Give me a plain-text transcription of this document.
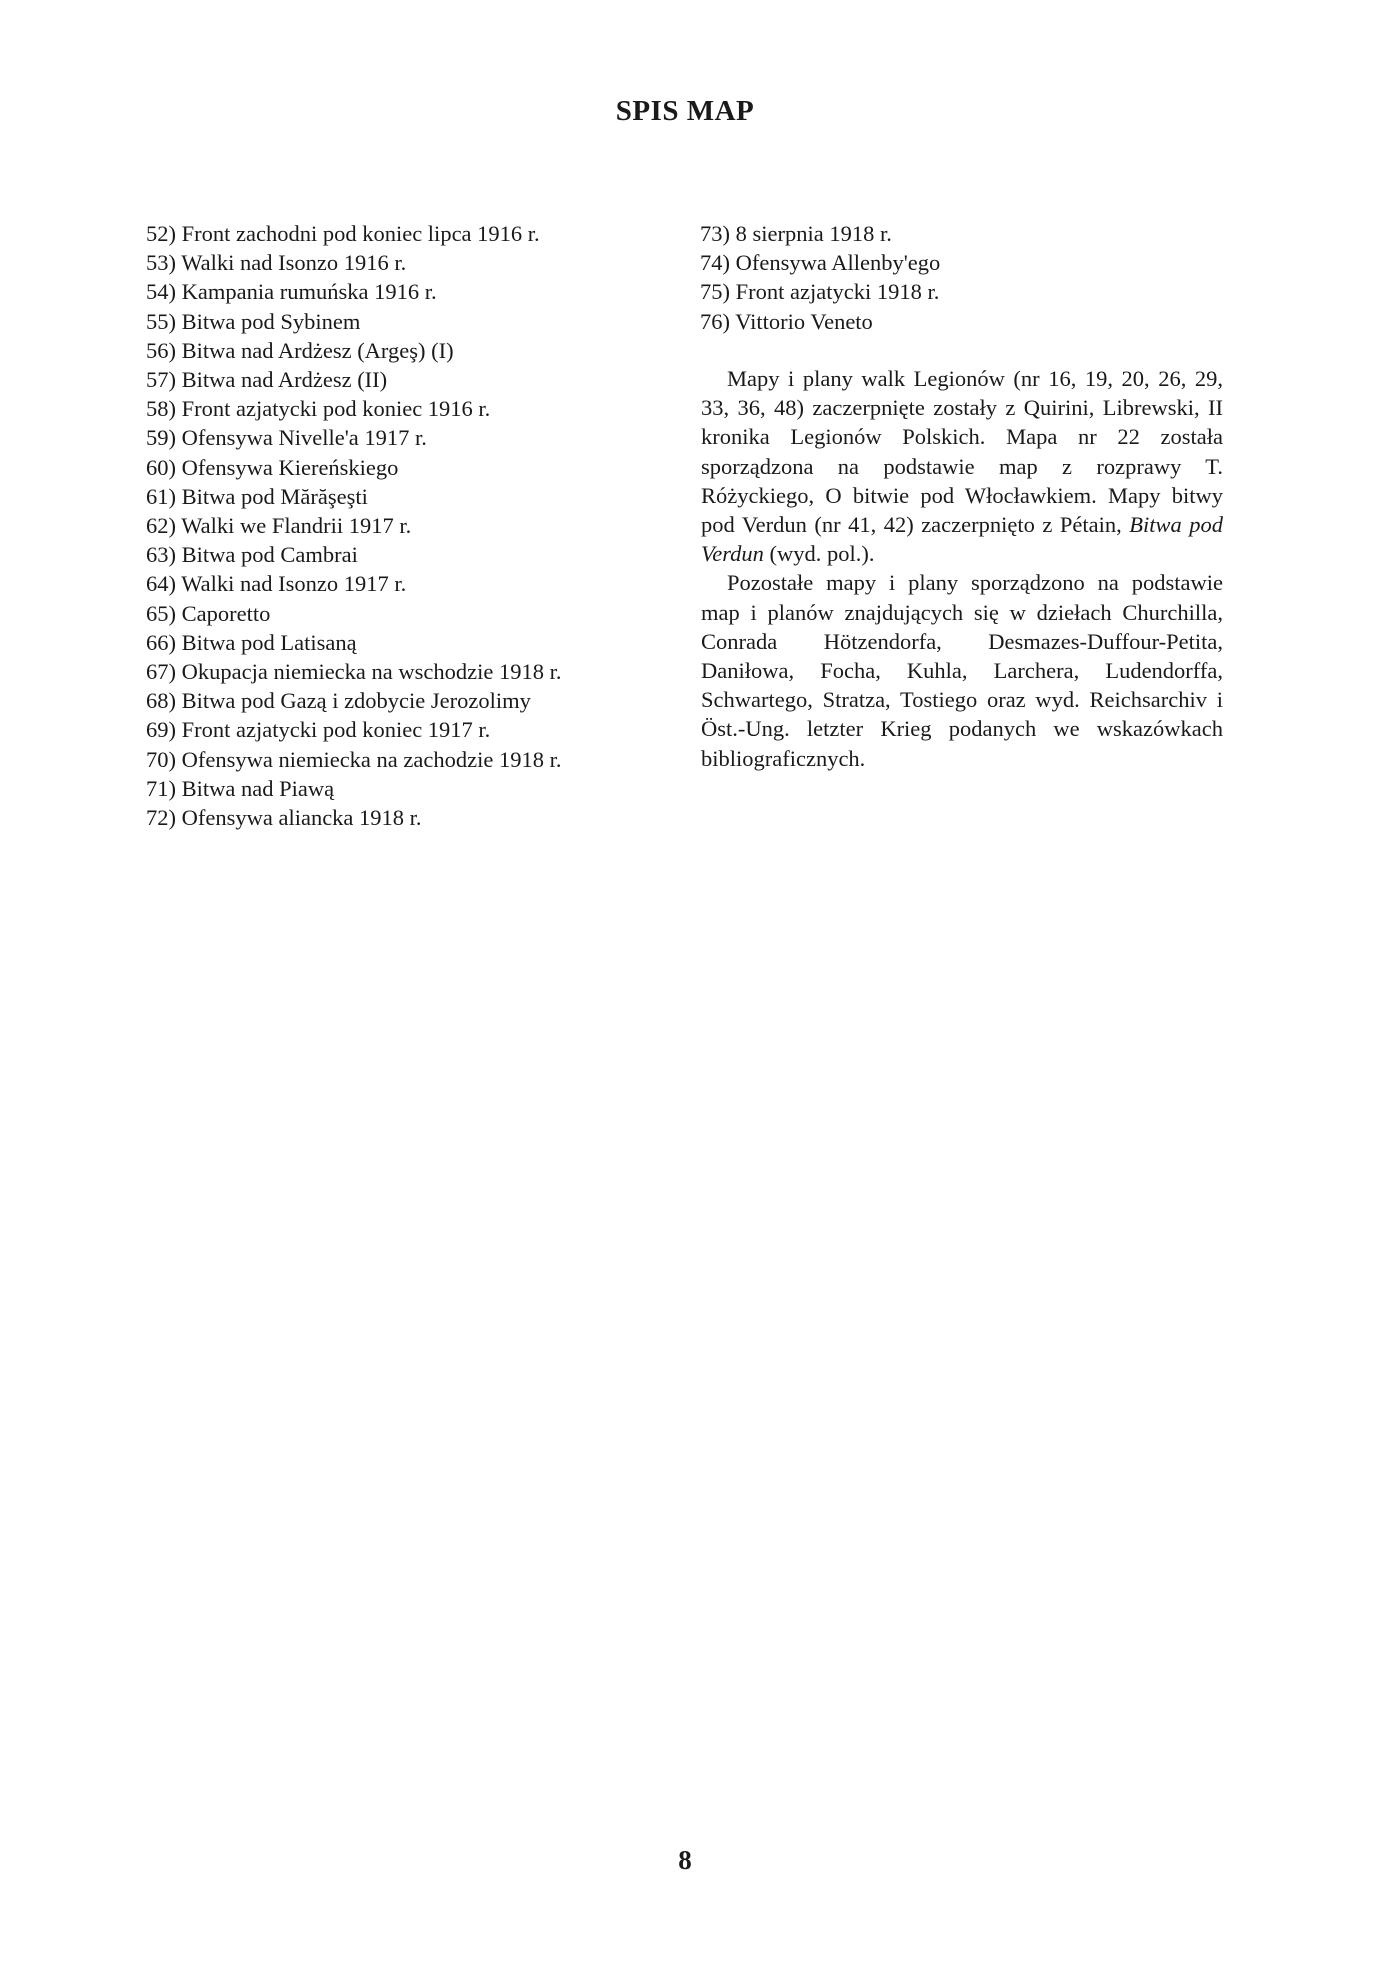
SPIS MAP
52) Front zachodni pod koniec lipca 1916 r.
53) Walki nad Isonzo 1916 r.
54) Kampania rumuńska 1916 r.
55) Bitwa pod Sybinem
56) Bitwa nad Ardżesz (Argeş) (I)
57) Bitwa nad Ardżesz (II)
58) Front azjatycki pod koniec 1916 r.
59) Ofensywa Nivelle'a 1917 r.
60) Ofensywa Kiereńskiego
61) Bitwa pod Mărăşeşti
62) Walki we Flandrii 1917 r.
63) Bitwa pod Cambrai
64) Walki nad Isonzo 1917 r.
65) Caporetto
66) Bitwa pod Latisaną
67) Okupacja niemiecka na wschodzie 1918 r.
68) Bitwa pod Gazą i zdobycie Jerozolimy
69) Front azjatycki pod koniec 1917 r.
70) Ofensywa niemiecka na zachodzie 1918 r.
71) Bitwa nad Piawą
72) Ofensywa aliancka 1918 r.
73) 8 sierpnia 1918 r.
74) Ofensywa Allenby'ego
75) Front azjatycki 1918 r.
76) Vittorio Veneto

Mapy i plany walk Legionów (nr 16, 19, 20, 26, 29, 33, 36, 48) zaczerpnięte zostały z Quirini, Librewski, II kronika Legionów Polskich. Mapa nr 22 została sporządzona na podstawie map z rozprawy T. Różyckiego, O bitwie pod Włocławkiem. Mapy bitwy pod Verdun (nr 41, 42) zaczerpnięto z Pétain, Bitwa pod Verdun (wyd. pol.).

Pozostałe mapy i plany sporządzono na podstawie map i planów znajdujących się w dziełach Churchilla, Conrada Hötzendorfa, Desmazes-Duffour-Petita, Daniłowa, Focha, Kuhla, Larchera, Ludendorffa, Schwartego, Stratza, Tostiego oraz wyd. Reichsarchiv i Öst.-Ung. letzter Krieg podanych we wskazówkach bibliograficznych.

8
